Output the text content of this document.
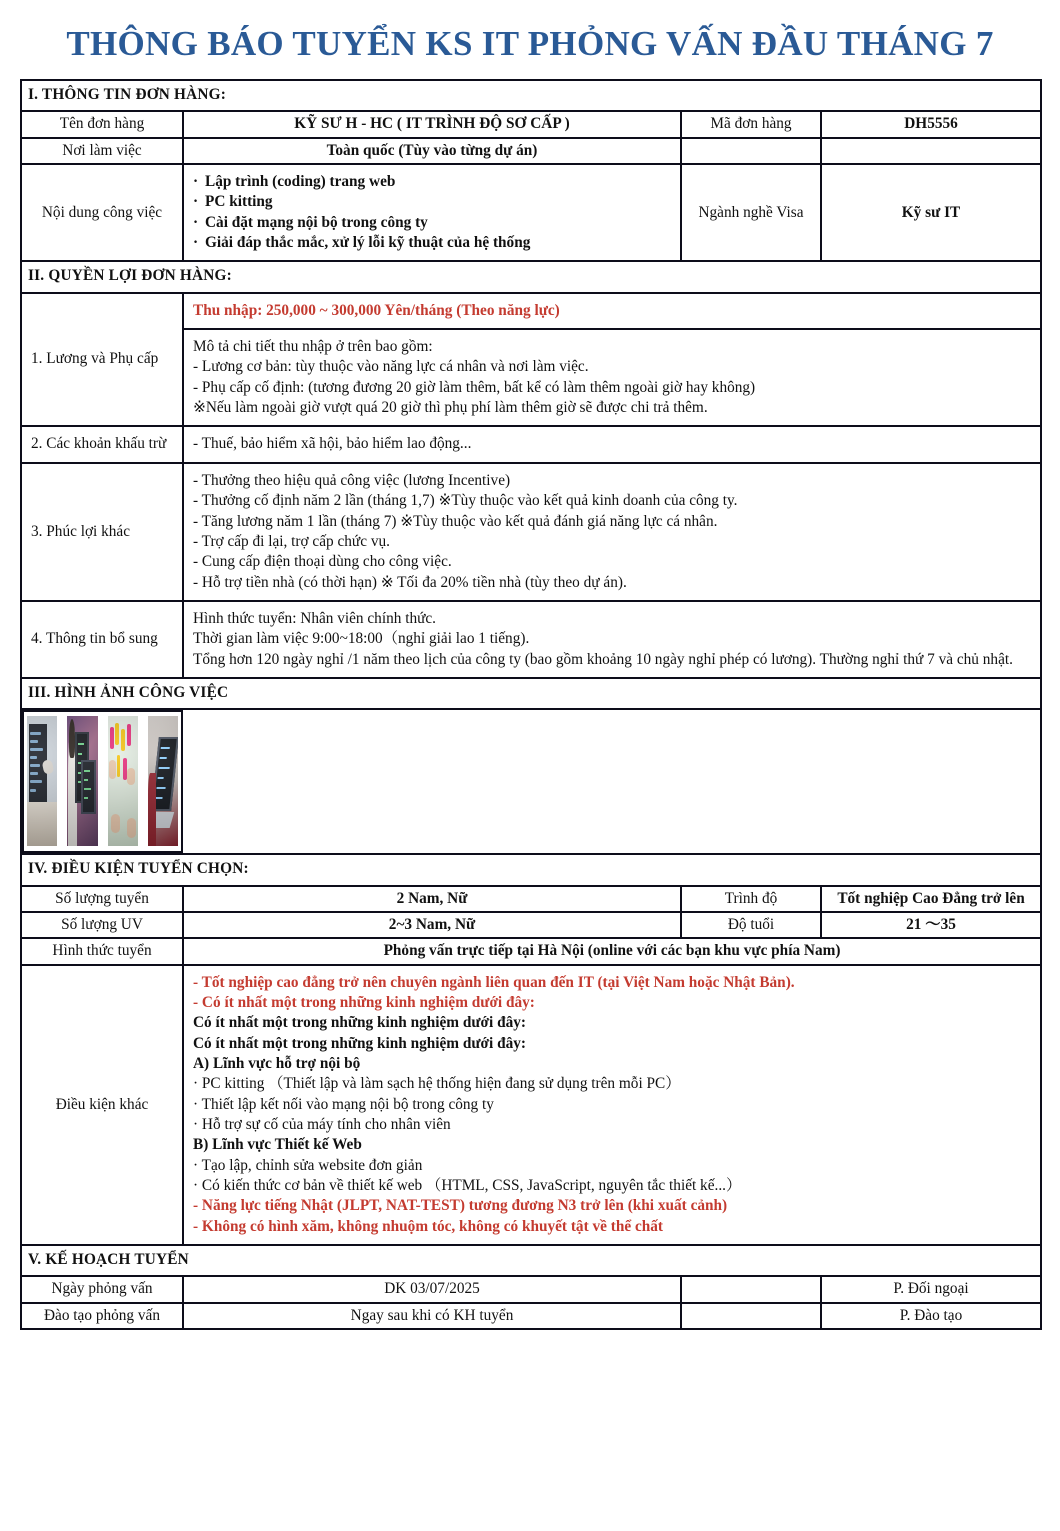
THÔNG BÁO TUYỂN KS IT PHỎNG VẤN ĐẦU THÁNG 7
I. THÔNG TIN ĐƠN HÀNG:			
Tên đơn hàng	KỸ SƯ H - HC ( IT TRÌNH ĐỘ SƠ CẤP )	Mã đơn hàng	DH5556
Nơi làm việc	Toàn quốc (Tùy vào từng dự án)		
Nội dung công việc	· Lập trình (coding) trang web
· PC kitting
· Cài đặt mạng nội bộ trong công ty
· Giải đáp thắc mắc, xử lý lỗi kỹ thuật của hệ thống	Ngành nghề Visa	Kỹ sư IT
II. QUYỀN LỢI ĐƠN HÀNG:			
1. Lương và Phụ cấp	Thu nhập: 250,000 ~ 300,000 Yên/tháng (Theo năng lực)		

	Mô tả chi tiết thu nhập ở trên bao gồm:
- Lương cơ bản: tùy thuộc vào năng lực cá nhân và nơi làm việc.
- Phụ cấp cố định: (tương đương 20 giờ làm thêm, bất kể có làm thêm ngoài giờ hay không)
※Nếu làm ngoài giờ vượt quá 20 giờ thì phụ phí làm thêm giờ sẽ được chi trả thêm.		

2. Các khoản khấu trừ	- Thuế, bảo hiểm xã hội, bảo hiểm lao động...		
3. Phúc lợi khác	
- Thưởng theo hiệu quả công việc (lương Incentive)
- Thưởng cố định năm 2 lần (tháng 1,7) ※Tùy thuộc vào kết quả kinh doanh của công ty.
- Tăng lương năm 1 lần (tháng 7) ※Tùy thuộc vào kết quả đánh giá năng lực cá nhân.
- Trợ cấp đi lại, trợ cấp chức vụ.
- Cung cấp điện thoại dùng cho công việc.
- Hỗ trợ tiền nhà (có thời hạn) ※ Tối đa 20% tiền nhà (tùy theo dự án).

4. Thông tin bổ sung	Hình thức tuyển: Nhân viên chính thức.
Thời gian làm việc 9:00~18:00（nghỉ giải lao 1 tiếng).
Tổng hơn 120 ngày nghỉ /1 năm theo lịch của công ty (bao gồm khoảng 10 ngày nghỉ phép có lương). Thường nghỉ thứ 7 và chủ nhật.		

III. HÌNH ẢNH CÔNG VIỆC			

IV. ĐIỀU KIỆN TUYỂN CHỌN:			
Số lượng tuyển	2 Nam, Nữ	Trình độ	Tốt nghiệp Cao Đẳng trở lên
Số lượng UV	2~3 Nam, Nữ	Độ tuổi	21 ～35
Hình thức tuyển	Phỏng vấn trực tiếp tại Hà Nội (online với các bạn khu vực phía Nam)		
Điều kiện khác	
- Tốt nghiệp cao đẳng trở nên chuyên ngành liên quan đến IT (tại Việt Nam hoặc Nhật Bản).
- Có ít nhất một trong những kinh nghiệm dưới đây:
Có ít nhất một trong những kinh nghiệm dưới đây:
Có ít nhất một trong những kinh nghiệm dưới đây:
A) Lĩnh vực hỗ trợ nội bộ
· PC kitting （Thiết lập và làm sạch hệ thống hiện đang sử dụng trên mỗi PC）
· Thiết lập kết nối vào mạng nội bộ trong công ty
· Hỗ trợ sự cố của máy tính cho nhân viên
B) Lĩnh vực Thiết kế Web
· Tạo lập, chỉnh sửa website đơn giản
· Có kiến thức cơ bản về thiết kế web （HTML, CSS, JavaScript, nguyên tắc thiết kế...）
- Năng lực tiếng Nhật (JLPT, NAT-TEST) tương đương N3 trở lên (khi xuất cảnh)
- Không có hình xăm, không nhuộm tóc, không có khuyết tật về thể chất

V. KẾ HOẠCH TUYỂN			
Ngày phỏng vấn	DK 03/07/2025		P. Đối ngoại
Đào tạo phỏng vấn	Ngay sau khi có KH tuyển		P. Đào tạo
